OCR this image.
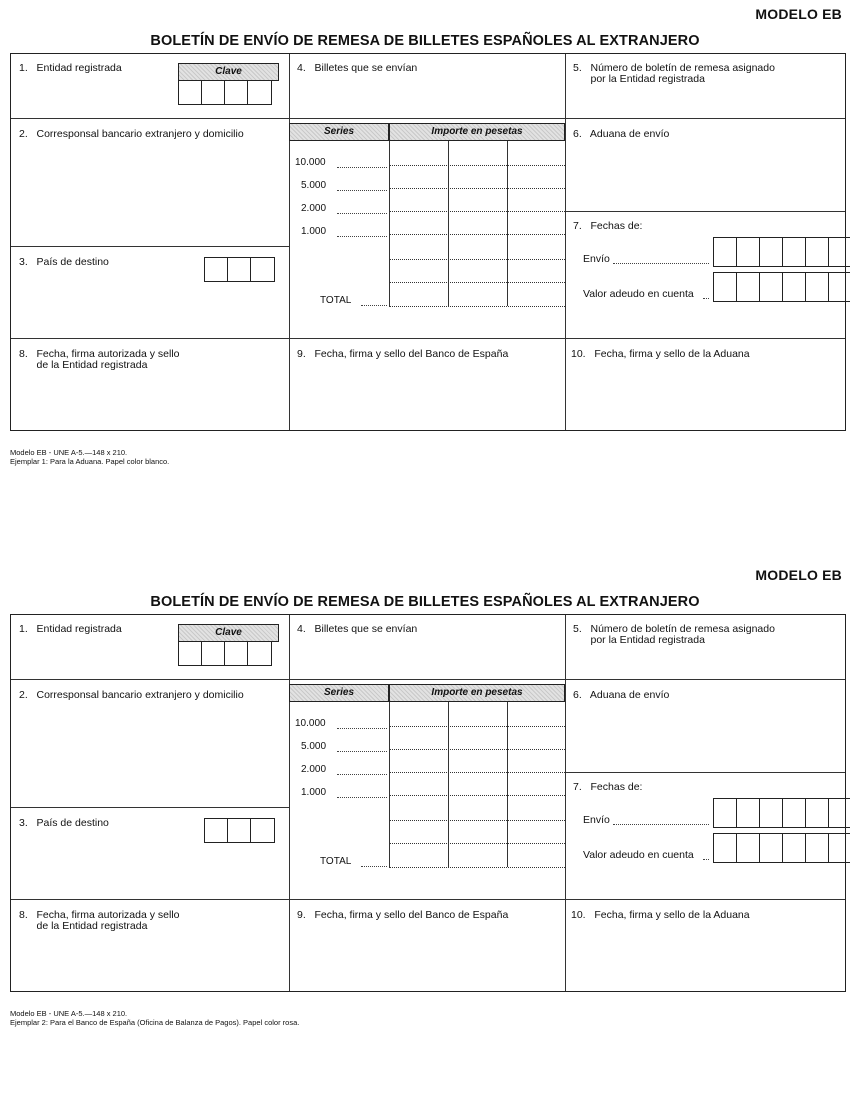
MODELO EB
BOLETÍN DE ENVÍO DE REMESA DE BILLETES ESPAÑOLES AL EXTRANJERO
1.   Entidad registrada	Clave
2.   Corresponsal bancario extranjero y domicilio
3.   País de destino
4.   Billetes que se envían
Series	Importe en pesetas
10.000
5.000
2.000
1.000
TOTAL
5.   Número de boletín de remesa asignado
por la Entidad registrada
6.   Aduana de envío
7.   Fechas de:
Envío
Valor adeudo en cuenta
8.   Fecha, firma autorizada y sello
de la Entidad registrada
9.   Fecha, firma y sello del Banco de España	10.   Fecha, firma y sello de la Aduana
Modelo EB - UNE A-5.—148 x 210.
Ejemplar 1: Para la Aduana. Papel color blanco.
MODELO EB
BOLETÍN DE ENVÍO DE REMESA DE BILLETES ESPAÑOLES AL EXTRANJERO
1.   Entidad registrada	Clave
2.   Corresponsal bancario extranjero y domicilio
3.   País de destino
4.   Billetes que se envían
Series	Importe en pesetas
10.000
5.000
2.000
1.000
TOTAL
5.   Número de boletín de remesa asignado
por la Entidad registrada
6.   Aduana de envío
7.   Fechas de:
Envío
Valor adeudo en cuenta
8.   Fecha, firma autorizada y sello
de la Entidad registrada
9.   Fecha, firma y sello del Banco de España	10.   Fecha, firma y sello de la Aduana
Modelo EB - UNE A-5.—148 x 210.
Ejemplar 2: Para el Banco de España (Oficina de Balanza de Pagos). Papel color rosa.
